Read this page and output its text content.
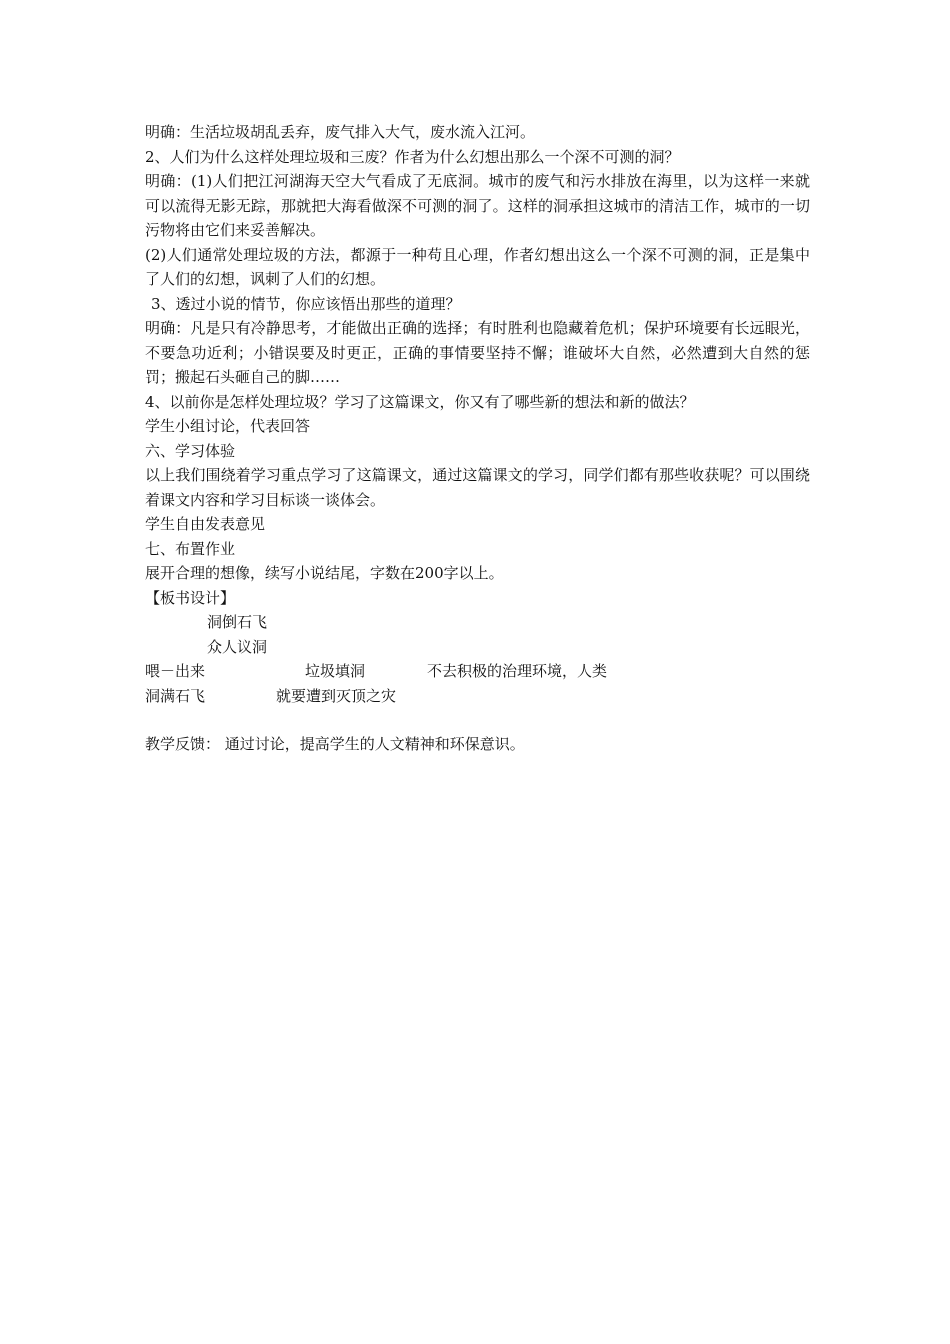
明确：生活垃圾胡乱丢弃，废气排入大气，废水流入江河。

2、人们为什么这样处理垃圾和三废？作者为什么幻想出那么一个深不可测的洞？

明确：(1)人们把江河湖海天空大气看成了无底洞。城市的废气和污水排放在海里，以为这样一来就可以流得无影无踪，那就把大海看做深不可测的洞了。这样的洞承担这城市的清洁工作，城市的一切污物将由它们来妥善解决。

(2)人们通常处理垃圾的方法，都源于一种苟且心理，作者幻想出这么一个深不可测的洞，正是集中了人们的幻想，讽刺了人们的幻想。

3、透过小说的情节，你应该悟出那些的道理？

明确：凡是只有冷静思考，才能做出正确的选择；有时胜利也隐藏着危机；保护环境要有长远眼光，不要急功近利；小错误要及时更正，正确的事情要坚持不懈；谁破坏大自然，必然遭到大自然的惩罚；搬起石头砸自己的脚……

4、以前你是怎样处理垃圾？学习了这篇课文，你又有了哪些新的想法和新的做法？

学生小组讨论，代表回答

六、学习体验

以上我们围绕着学习重点学习了这篇课文，通过这篇课文的学习，同学们都有那些收获呢？可以围绕着课文内容和学习目标谈一谈体会。

学生自由发表意见

七、布置作业

展开合理的想像，续写小说结尾，字数在200字以上。

【板书设计】

洞倒石飞

众人议洞

喂－出来	垃圾填洞	不去积极的治理环境，人类
洞满石飞	就要遭到灭顶之灾

教学反馈： 通过讨论，提高学生的人文精神和环保意识。
